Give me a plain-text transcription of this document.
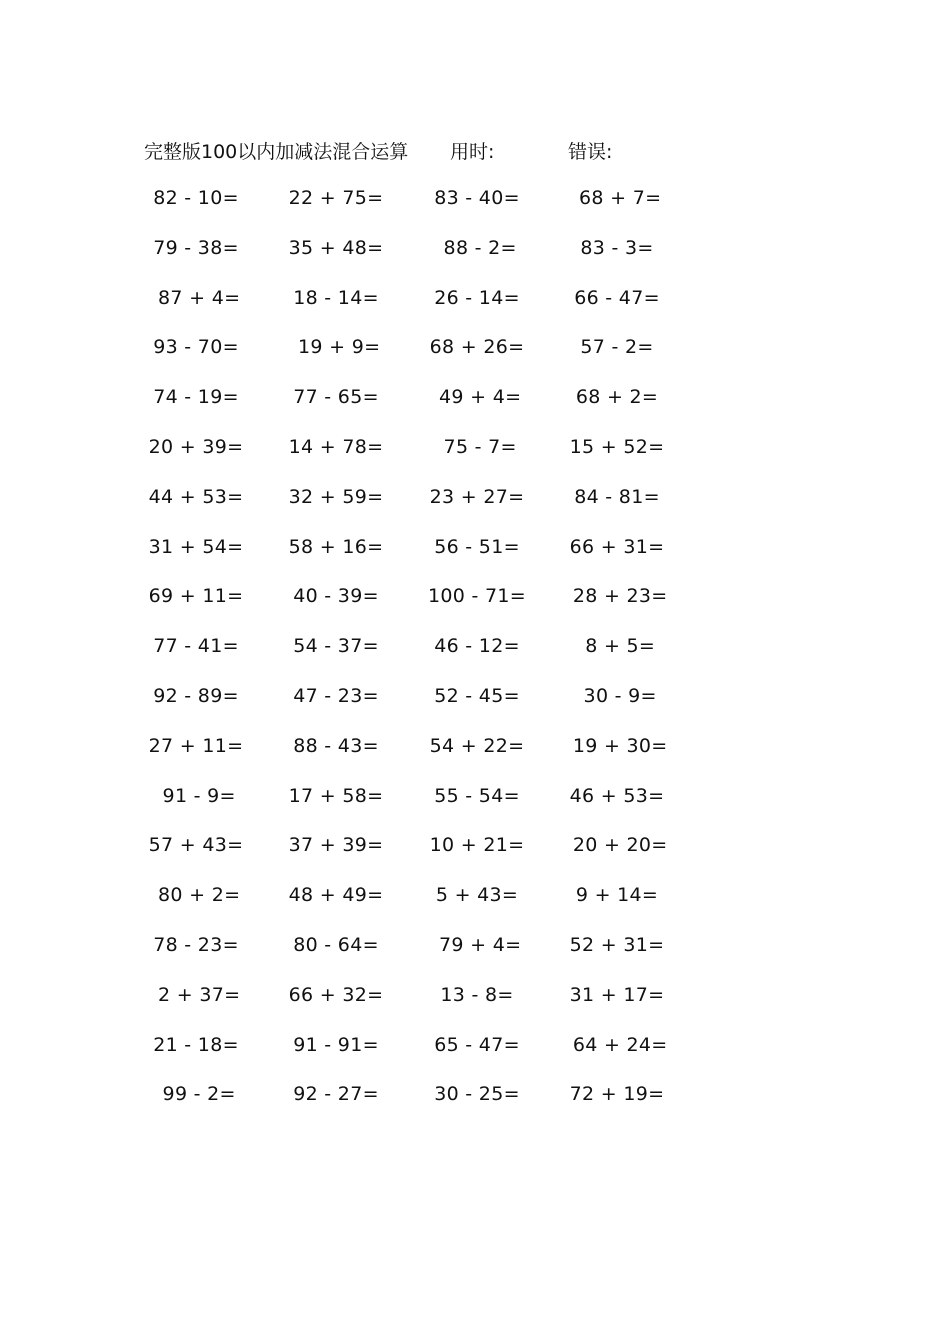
完整版100以内加减法混合运算 用时:	错误:
82 - 10=	22 + 75=	83 - 40=	68 + 7=
79 - 38=	35 + 48=	88 - 2=	83 - 3=
87 + 4=	18 - 14=	26 - 14=	66 - 47=
93 - 70=	19 + 9=	68 + 26=	57 - 2=
74 - 19=	77 - 65=	49 + 4=	68 + 2=
20 + 39=	14 + 78=	75 - 7=	15 + 52=
44 + 53=	32 + 59=	23 + 27=	84 - 81=
31 + 54=	58 + 16=	56 - 51=	66 + 31=
69 + 11=	40 - 39=	100 - 71=	28 + 23=
77 - 41=	54 - 37=	46 - 12=	8 + 5=
92 - 89=	47 - 23=	52 - 45=	30 - 9=
27 + 11=	88 - 43=	54 + 22=	19 + 30=
91 - 9=	17 + 58=	55 - 54=	46 + 53=
57 + 43=	37 + 39=	10 + 21=	20 + 20=
80 + 2=	48 + 49=	5 + 43=	9 + 14=
78 - 23=	80 - 64=	79 + 4=	52 + 31=
2 + 37=	66 + 32=	13 - 8=	31 + 17=
21 - 18=	91 - 91=	65 - 47=	64 + 24=
99 - 2=	92 - 27=	30 - 25=	72 + 19=
